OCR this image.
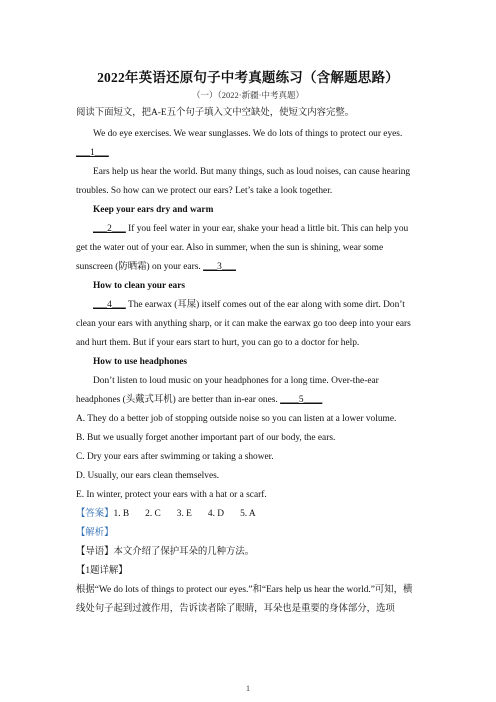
2022年英语还原句子中考真题练习（含解题思路）
（一）（2022·新疆·中考真题）
阅读下面短文，把A-E五个句子填入文中空缺处，使短文内容完整。
We do eye exercises. We wear sunglasses. We do lots of things to protect our eyes.
___1___
Ears help us hear the world. But many things, such as loud noises, can cause hearing
troubles. So how can we protect our ears? Let’s take a look together.
Keep your ears dry and warm
___2___ If you feel water in your ear, shake your head a little bit. This can help you
get the water out of your ear. Also in summer, when the sun is shining, wear some
sunscreen (防晒霜) on your ears. ___3___
How to clean your ears
___4___ The earwax (耳屎) itself comes out of the ear along with some dirt. Don’t
clean your ears with anything sharp, or it can make the earwax go too deep into your ears
and hurt them. But if your ears start to hurt, you can go to a doctor for help.
How to use headphones
Don’t listen to loud music on your headphones for a long time. Over-the-ear
headphones (头戴式耳机) are better than in-ear ones. ____5____
A. They do a better job of stopping outside noise so you can listen at a lower volume.
B. But we usually forget another important part of our body, the ears.
C. Dry your ears after swimming or taking a shower.
D. Usually, our ears clean themselves.
E. In winter, protect your ears with a hat or a scarf.
【答案】1. B 2. C 3. E 4. D 5. A
【解析】
【导语】本文介绍了保护耳朵的几种方法。
【1题详解】
根据“We do lots of things to protect our eyes.”和“Ears help us hear the world.”可知，横
线处句子起到过渡作用，告诉读者除了眼睛，耳朵也是重要的身体部分，选项
1
